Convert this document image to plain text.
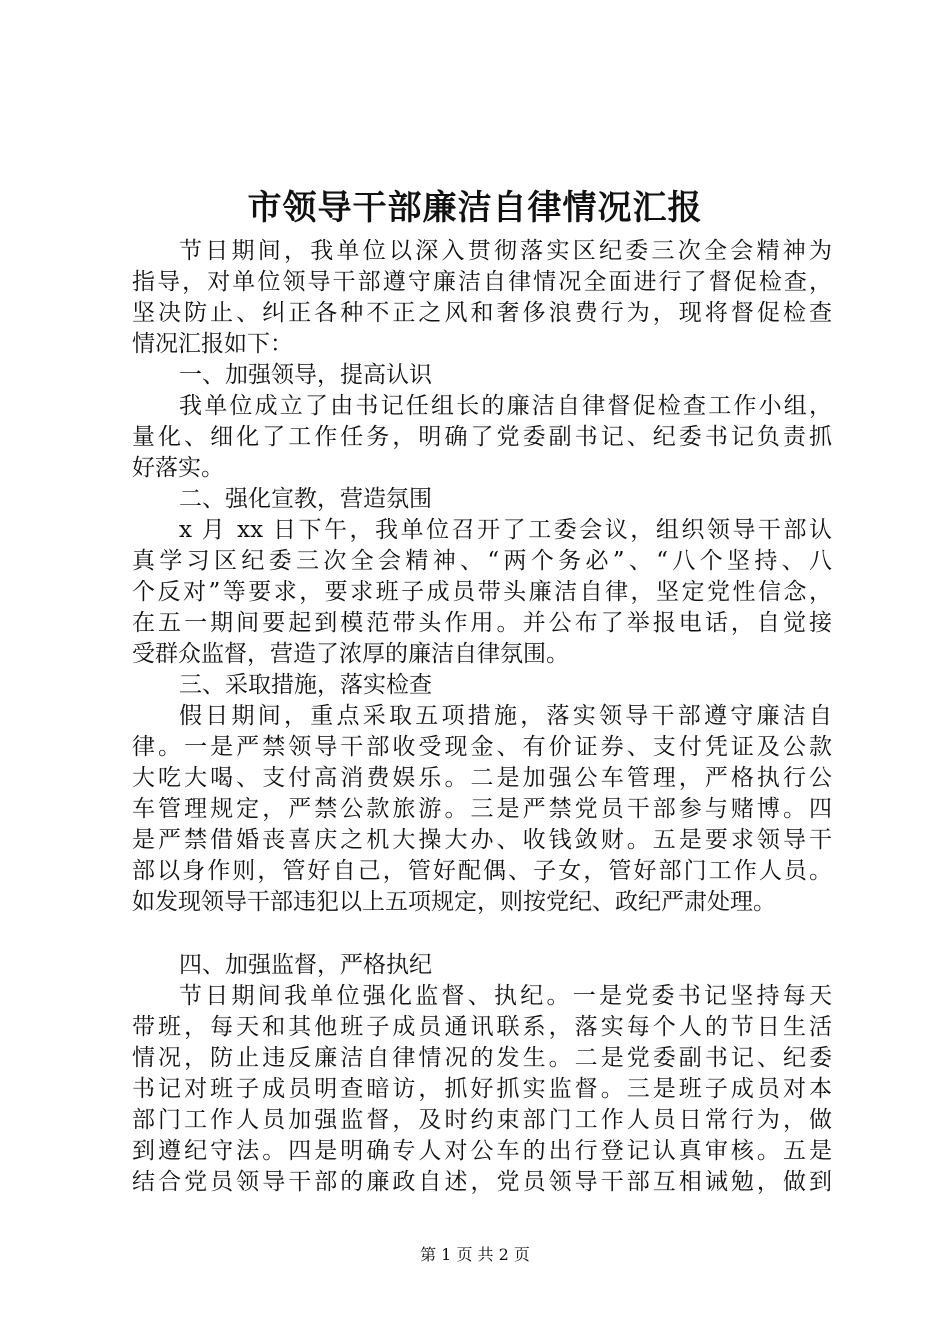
市领导干部廉洁自律情况汇报
节日期间，我单位以深入贯彻落实区纪委三次全会精神为
指导，对单位领导干部遵守廉洁自律情况全面进行了督促检查，
坚决防止、纠正各种不正之风和奢侈浪费行为，现将督促检查
情况汇报如下：
一、加强领导，提高认识
我单位成立了由书记任组长的廉洁自律督促检查工作小组，
量化、细化了工作任务，明确了党委副书记、纪委书记负责抓
好落实。
二、强化宣教，营造氛围
x 月 xx 日下午，我单位召开了工委会议，组织领导干部认
真学习区纪委三次全会精神、“两个务必”、“八个坚持、八
个反对”等要求，要求班子成员带头廉洁自律，坚定党性信念，
在五一期间要起到模范带头作用。并公布了举报电话，自觉接
受群众监督，营造了浓厚的廉洁自律氛围。
三、采取措施，落实检查
假日期间，重点采取五项措施，落实领导干部遵守廉洁自
律。一是严禁领导干部收受现金、有价证券、支付凭证及公款
大吃大喝、支付高消费娱乐。二是加强公车管理，严格执行公
车管理规定，严禁公款旅游。三是严禁党员干部参与赌博。四
是严禁借婚丧喜庆之机大操大办、收钱敛财。五是要求领导干
部以身作则，管好自己，管好配偶、子女，管好部门工作人员。
如发现领导干部违犯以上五项规定，则按党纪、政纪严肃处理。
四、加强监督，严格执纪
节日期间我单位强化监督、执纪。一是党委书记坚持每天
带班，每天和其他班子成员通讯联系，落实每个人的节日生活
情况，防止违反廉洁自律情况的发生。二是党委副书记、纪委
书记对班子成员明查暗访，抓好抓实监督。三是班子成员对本
部门工作人员加强监督，及时约束部门工作人员日常行为，做
到遵纪守法。四是明确专人对公车的出行登记认真审核。五是
结合党员领导干部的廉政自述，党员领导干部互相诫勉，做到
第 1 页 共 2 页
